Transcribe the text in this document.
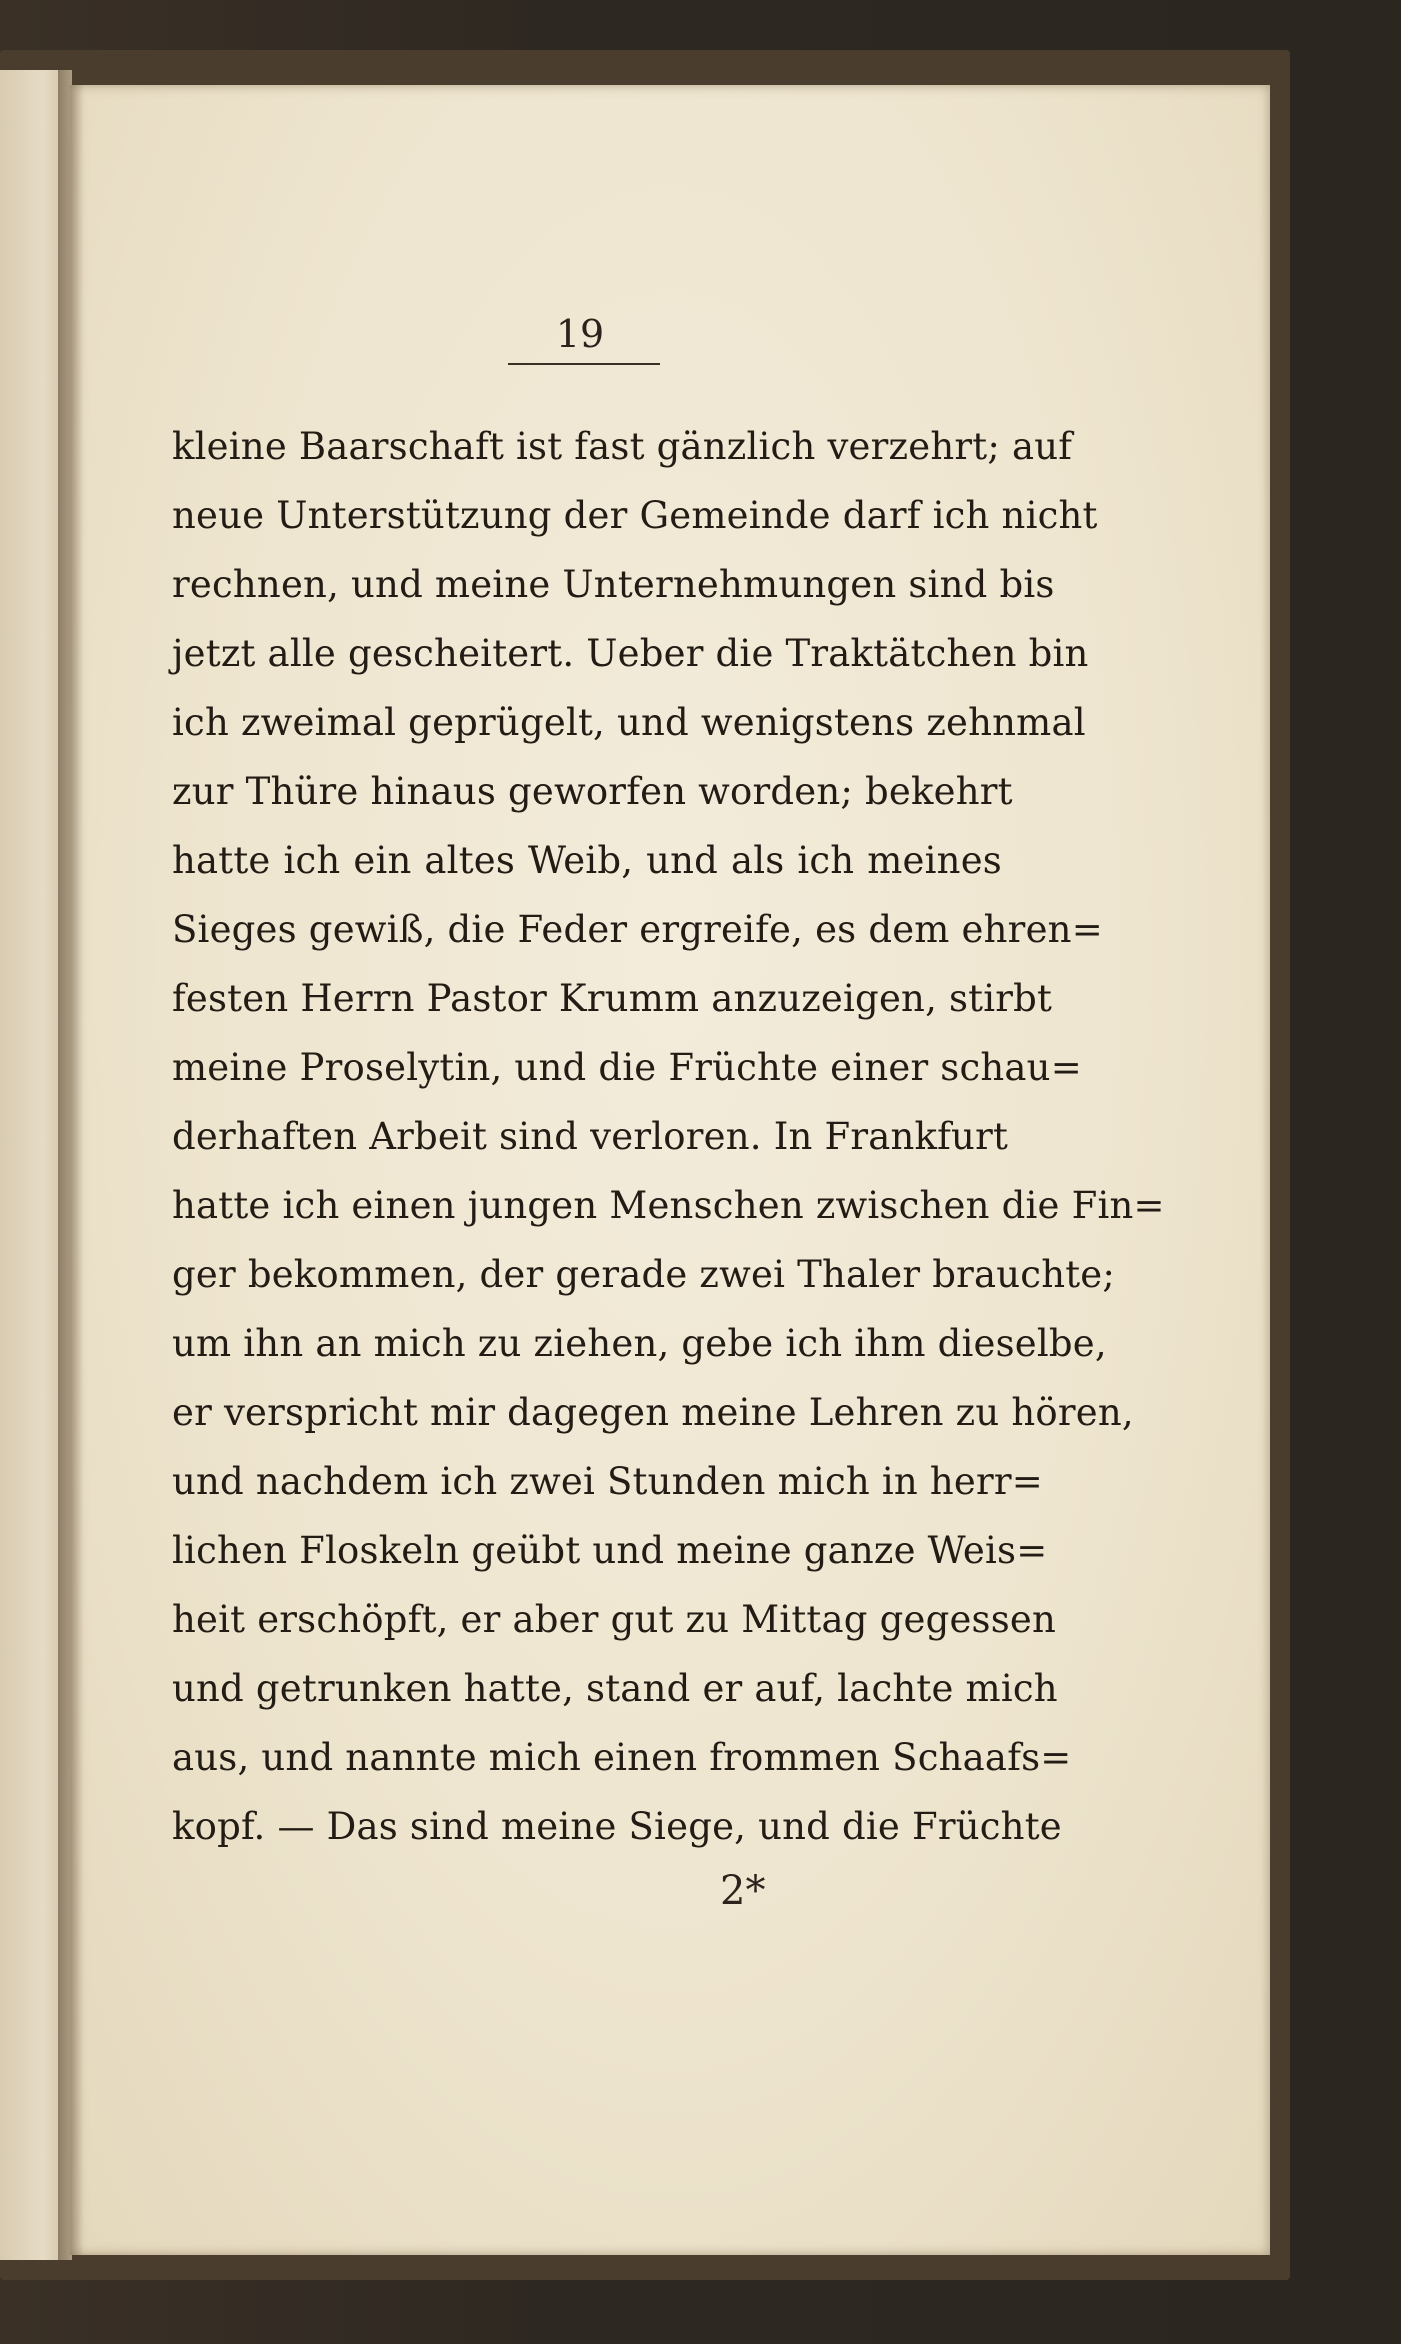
19
kleine Baarschaft ist fast gänzlich verzehrt; auf
neue Unterstützung der Gemeinde darf ich nicht
rechnen, und meine Unternehmungen sind bis
jetzt alle gescheitert. Ueber die Traktätchen bin
ich zweimal geprügelt, und wenigstens zehnmal
zur Thüre hinaus geworfen worden; bekehrt
hatte ich ein altes Weib, und als ich meines
Sieges gewiß, die Feder ergreife, es dem ehren=
festen Herrn Pastor Krumm anzuzeigen, stirbt
meine Proselytin, und die Früchte einer schau=
derhaften Arbeit sind verloren. In Frankfurt
hatte ich einen jungen Menschen zwischen die Fin=
ger bekommen, der gerade zwei Thaler brauchte;
um ihn an mich zu ziehen, gebe ich ihm dieselbe,
er verspricht mir dagegen meine Lehren zu hören,
und nachdem ich zwei Stunden mich in herr=
lichen Floskeln geübt und meine ganze Weis=
heit erschöpft, er aber gut zu Mittag gegessen
und getrunken hatte, stand er auf, lachte mich
aus, und nannte mich einen frommen Schaafs=
kopf. — Das sind meine Siege, und die Früchte
2*
